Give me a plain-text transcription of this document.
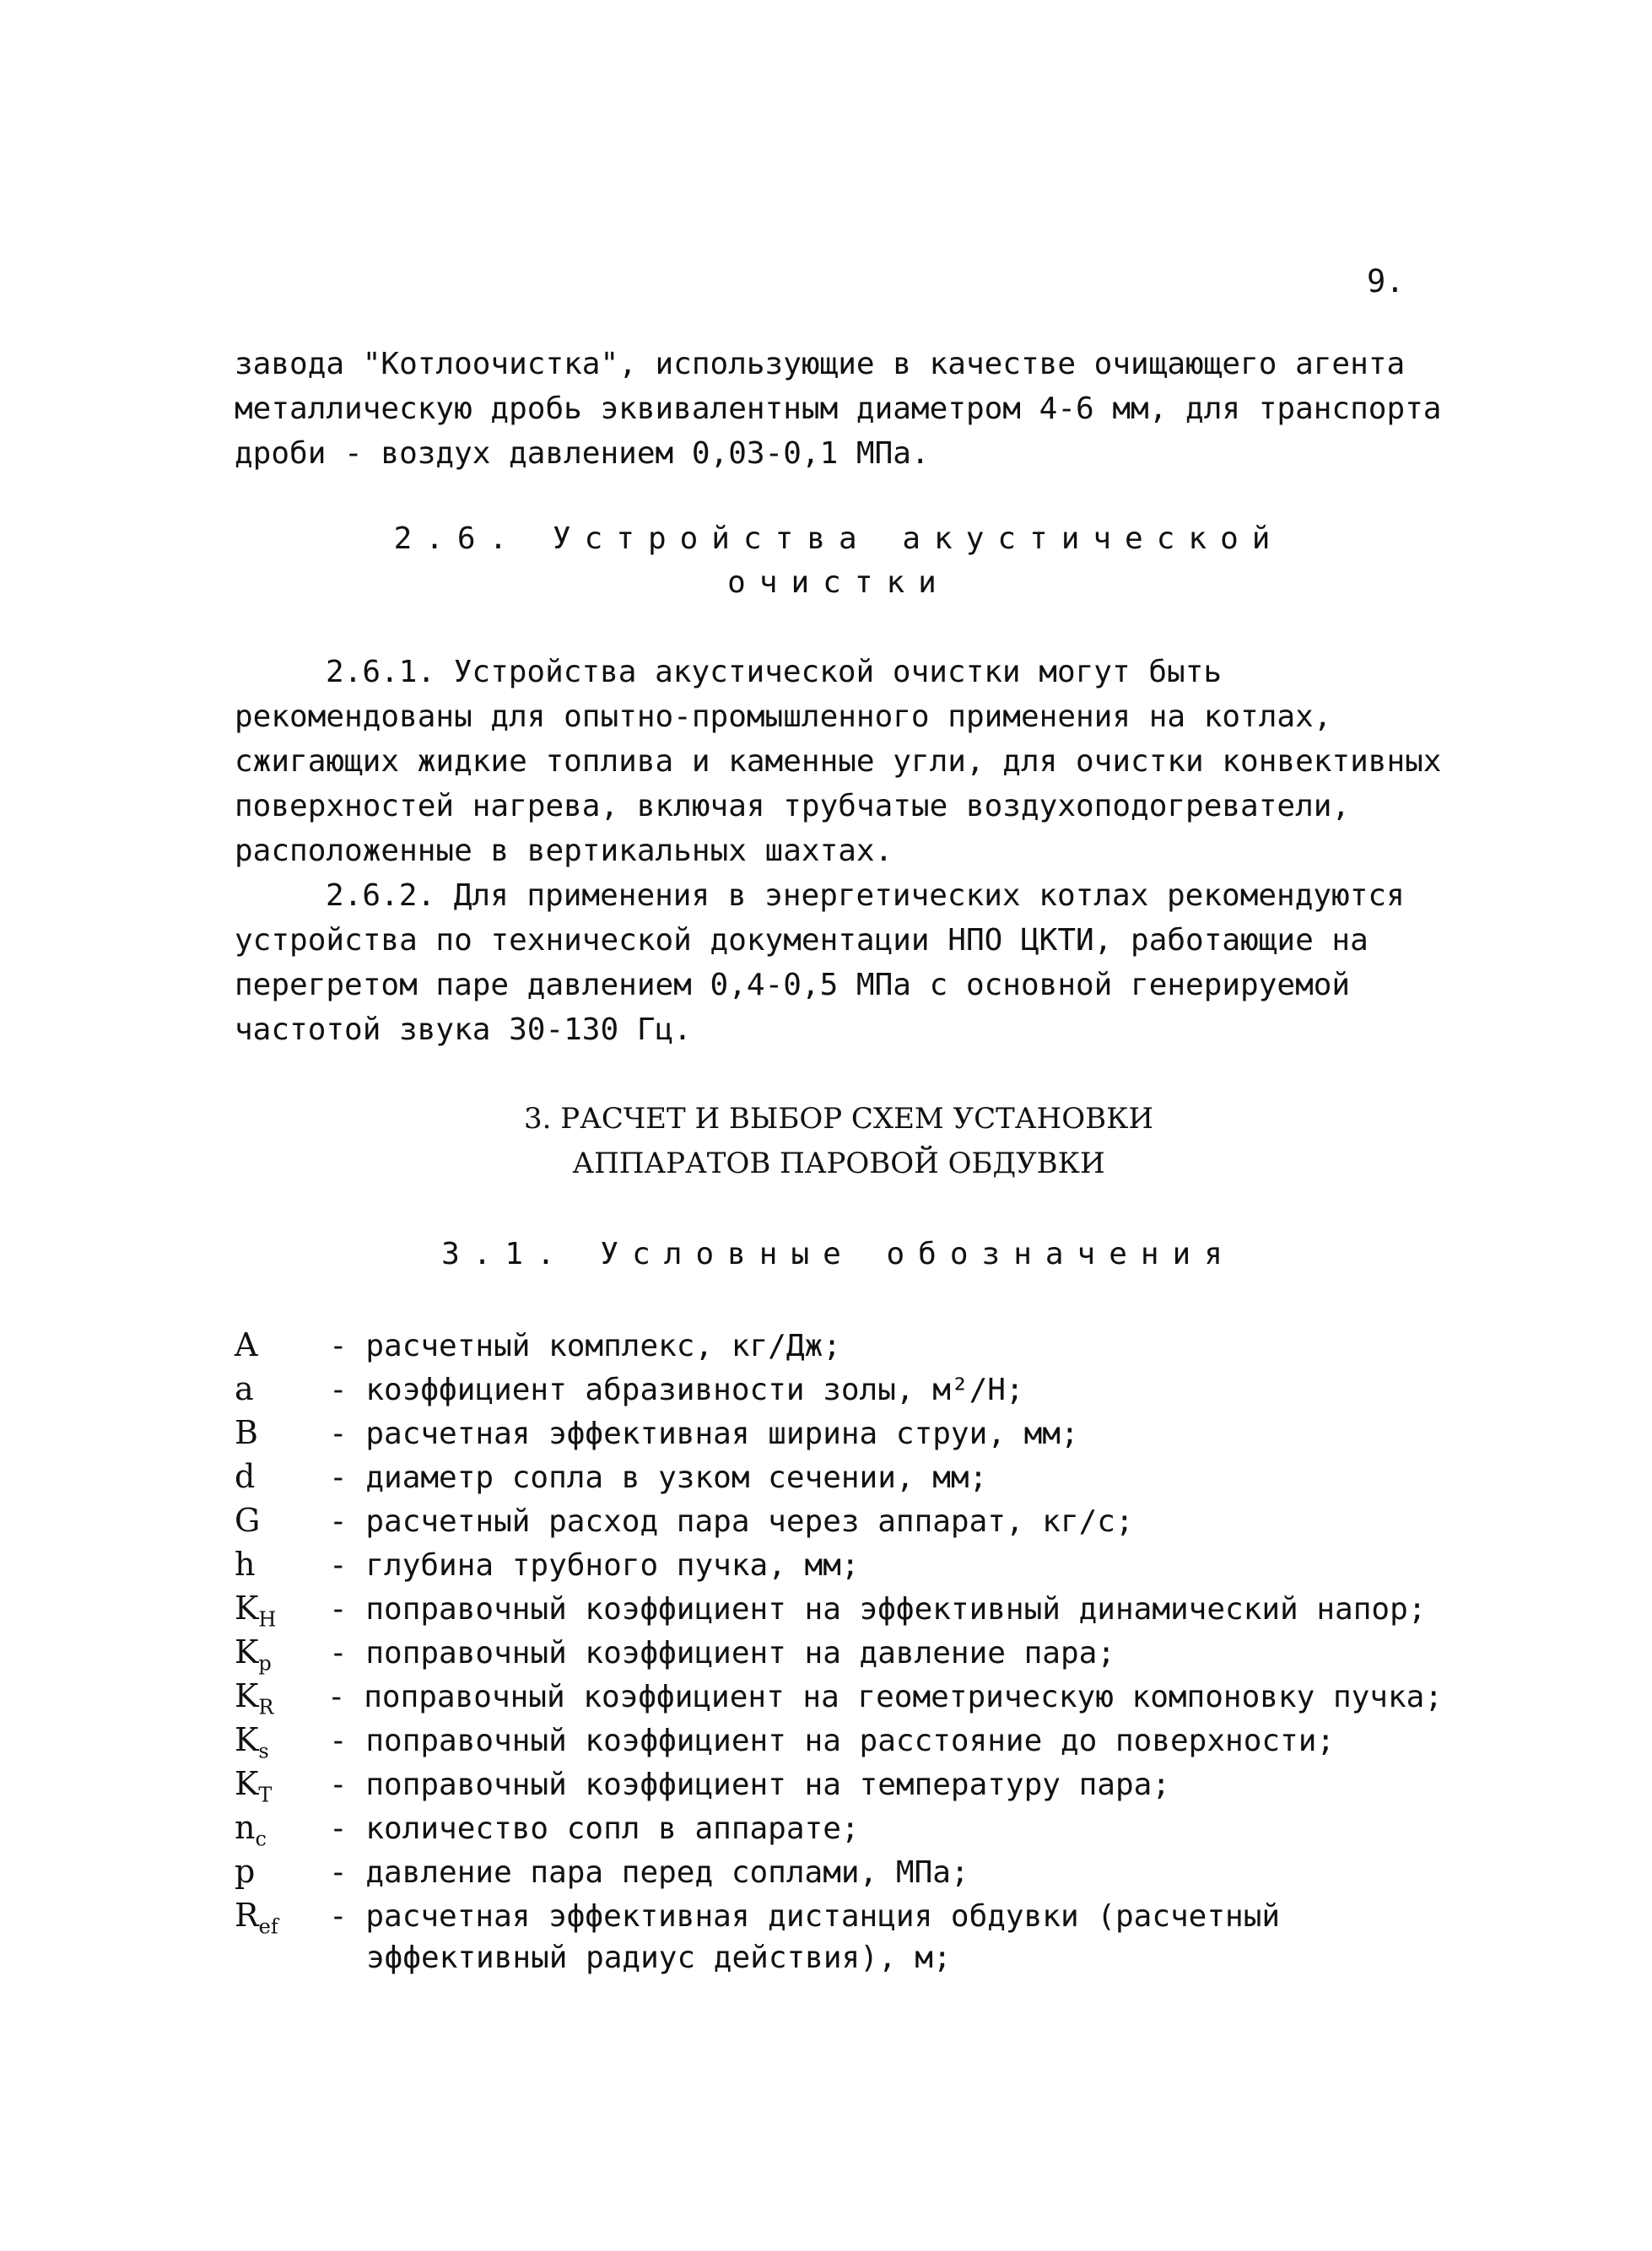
9.
завода "Котлоочистка", использующие в качестве очищающего агента
металлическую дробь эквивалентным диаметром 4-6 мм, для транспорта
дроби - воздух давлением 0,03-0,1 МПа.
2.6. Устройства акустической
очистки
2.6.1. Устройства акустической очистки могут быть
рекомендованы для опытно-промышленного применения на котлах,
сжигающих жидкие топлива и каменные угли, для очистки конвективных
поверхностей нагрева, включая трубчатые воздухоподогреватели,
расположенные в вертикальных шахтах.
2.6.2. Для применения в энергетических котлах рекомендуются
устройства по технической документации НПО ЦКТИ, работающие на
перегретом паре давлением 0,4-0,5 МПа с основной генерируемой
частотой звука 30-130 Гц.
3. РАСЧЕТ И ВЫБОР СХЕМ УСТАНОВКИ
АППАРАТОВ ПАРОВОЙ ОБДУВКИ
3.1. Условные обозначения
A	- расчетный комплекс, кг/Дж;
a	- коэффициент абразивности золы, м²/Н;
B	- расчетная эффективная ширина струи, мм;
d	- диаметр сопла в узком сечении, мм;
G	- расчетный расход пара через аппарат, кг/с;
h	- глубина трубного пучка, мм;
$K_H$	- поправочный коэффициент на эффективный динамический напор;
$K_p$	- поправочный коэффициент на давление пара;
$K_R$	- поправочный коэффициент на геометрическую компоновку пучка;
$K_s$	- поправочный коэффициент на расстояние до поверхности;
$K_T$	- поправочный коэффициент на температуру пара;
$n_c$	- количество сопл в аппарате;
p	- давление пара перед соплами, МПа;
$R_{ef}$	- расчетная эффективная дистанция обдувки (расчетный
эффективный радиус действия), м;
